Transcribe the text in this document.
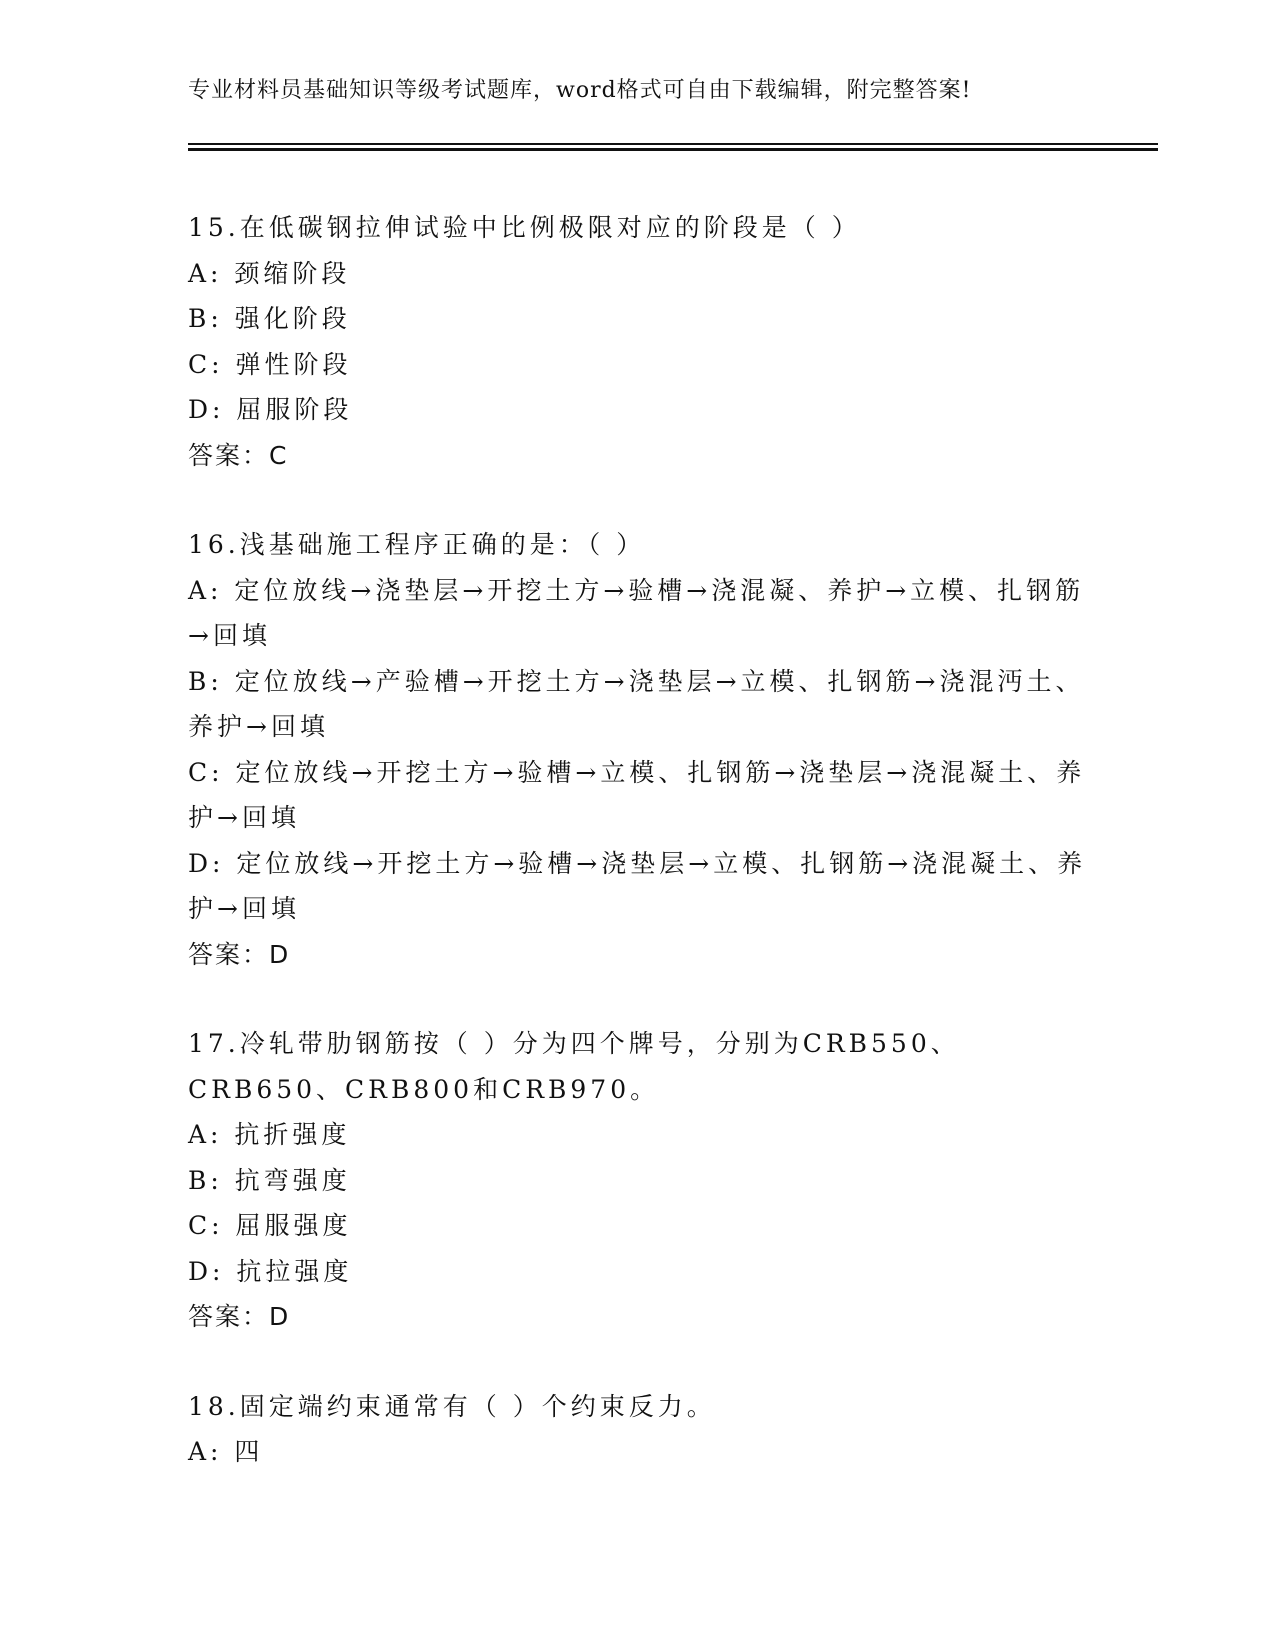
专业材料员基础知识等级考试题库，word格式可自由下载编辑，附完整答案!
15.在低碳钢拉伸试验中比例极限对应的阶段是（ ）
A: 颈缩阶段
B: 强化阶段
C: 弹性阶段
D: 屈服阶段
答案：C
16.浅基础施工程序正确的是：（ ）
A: 定位放线→浇垫层→开挖土方→验槽→浇混凝、养护→立模、扎钢筋→回填
B: 定位放线→产验槽→开挖土方→浇垫层→立模、扎钢筋→浇混沔土、养护→回填
C: 定位放线→开挖土方→验槽→立模、扎钢筋→浇垫层→浇混凝土、养护→回填
D: 定位放线→开挖土方→验槽→浇垫层→立模、扎钢筋→浇混凝土、养护→回填
答案：D
17.冷轧带肋钢筋按（ ）分为四个牌号，分别为CRB550、CRB650、CRB800和CRB970。
A: 抗折强度
B: 抗弯强度
C: 屈服强度
D: 抗拉强度
答案：D
18.固定端约束通常有（ ）个约束反力。
A: 四
